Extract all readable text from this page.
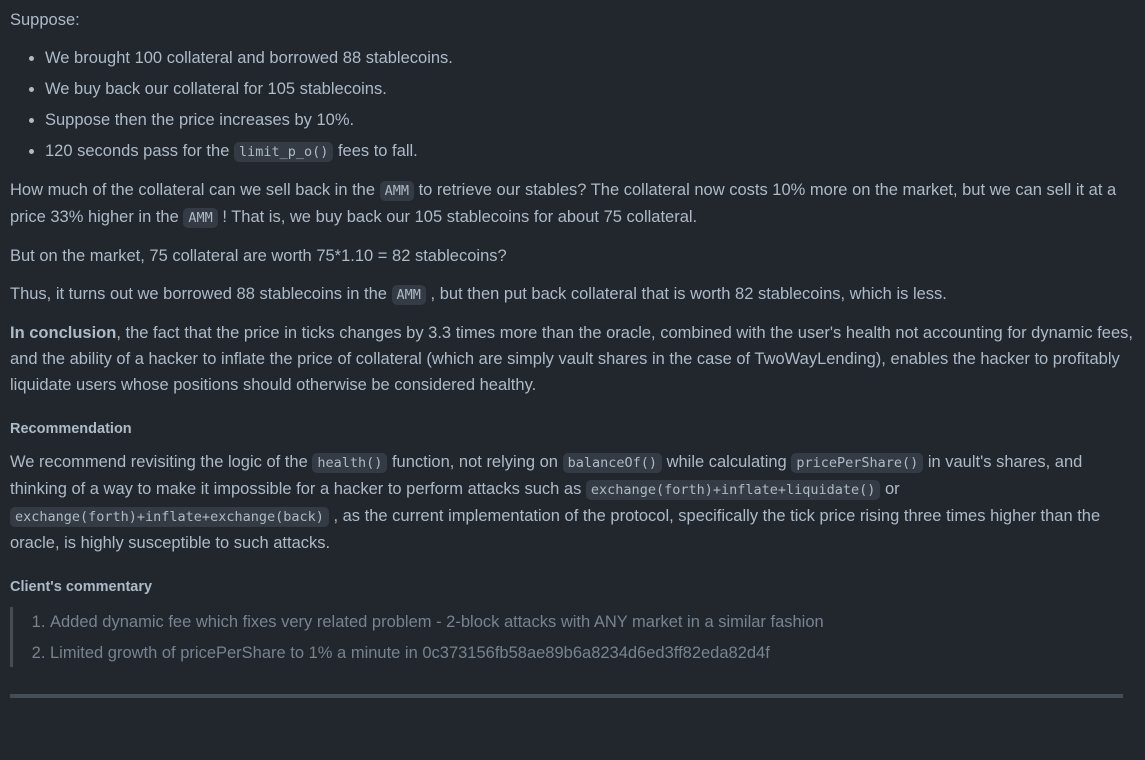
Suppose:

• We brought 100 collateral and borrowed 88 stablecoins.
• We buy back our collateral for 105 stablecoins.
• Suppose then the price increases by 10%.
• 120 seconds pass for the limit_p_o() fees to fall.

How much of the collateral can we sell back in the AMM to retrieve our stables? The collateral now costs 10% more on the market, but we can sell it at a price 33% higher in the AMM ! That is, we buy back our 105 stablecoins for about 75 collateral.

But on the market, 75 collateral are worth 75*1.10 = 82 stablecoins?

Thus, it turns out we borrowed 88 stablecoins in the AMM , but then put back collateral that is worth 82 stablecoins, which is less.

In conclusion, the fact that the price in ticks changes by 3.3 times more than the oracle, combined with the user's health not accounting for dynamic fees, and the ability of a hacker to inflate the price of collateral (which are simply vault shares in the case of TwoWayLending), enables the hacker to profitably liquidate users whose positions should otherwise be considered healthy.

Recommendation

We recommend revisiting the logic of the health() function, not relying on balanceOf() while calculating pricePerShare() in vault's shares, and thinking of a way to make it impossible for a hacker to perform attacks such as exchange(forth)+inflate+liquidate() or exchange(forth)+inflate+exchange(back) , as the current implementation of the protocol, specifically the tick price rising three times higher than the oracle, is highly susceptible to such attacks.

Client's commentary
1. Added dynamic fee which fixes very related problem - 2-block attacks with ANY market in a similar fashion
2. Limited growth of pricePerShare to 1% a minute in 0c373156fb58ae89b6a8234d6ed3ff82eda82d4f
